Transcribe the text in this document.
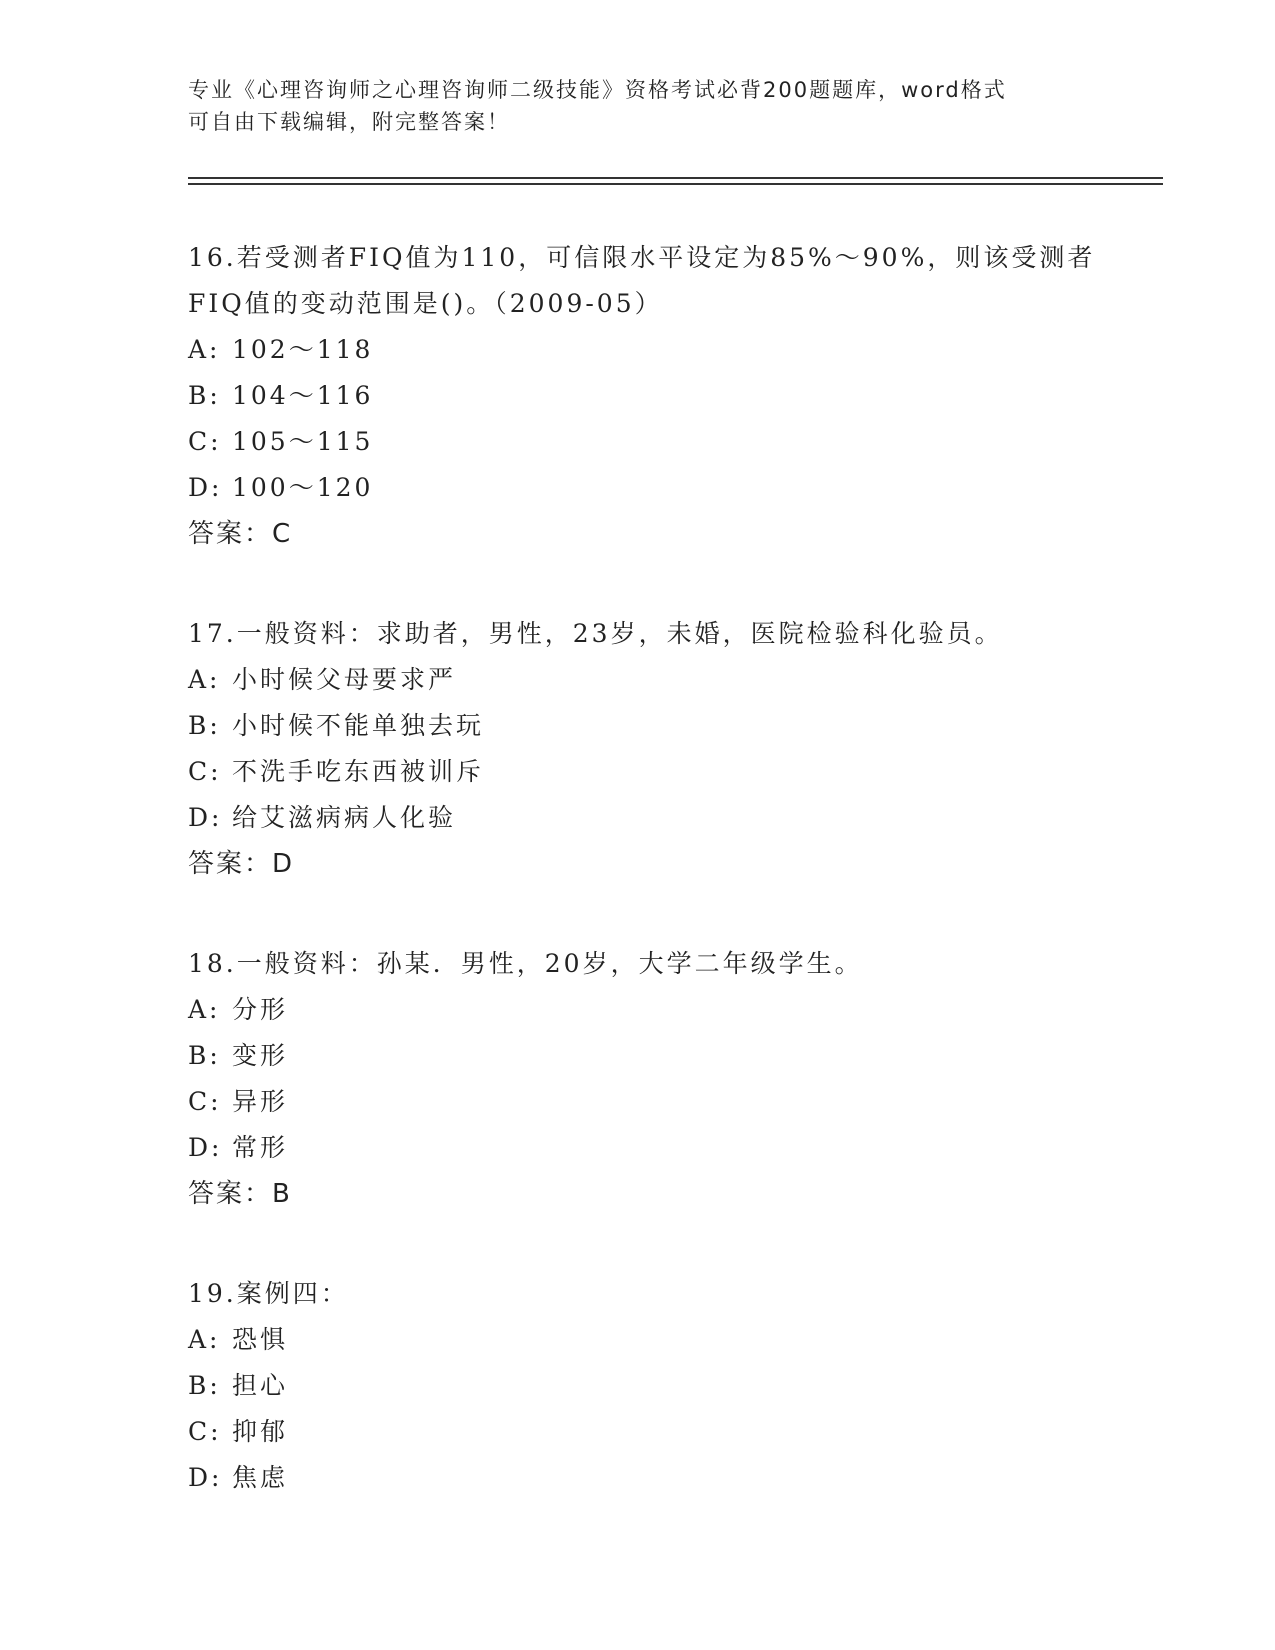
专业《心理咨询师之心理咨询师二级技能》资格考试必背200题题库，word格式
可自由下载编辑，附完整答案！
16.若受测者FIQ值为110，可信限水平设定为85%～90%，则该受测者
FIQ值的变动范围是()。（2009-05）
A: 102～118
B: 104～116
C: 105～115
D: 100～120
答案：C
17.一般资料：求助者，男性，23岁，未婚，医院检验科化验员。
A: 小时候父母要求严
B: 小时候不能单独去玩
C: 不洗手吃东西被训斥
D: 给艾滋病病人化验
答案：D
18.一般资料：孙某．男性，20岁，大学二年级学生。
A: 分形
B: 变形
C: 异形
D: 常形
答案：B
19.案例四：
A: 恐惧
B: 担心
C: 抑郁
D: 焦虑
